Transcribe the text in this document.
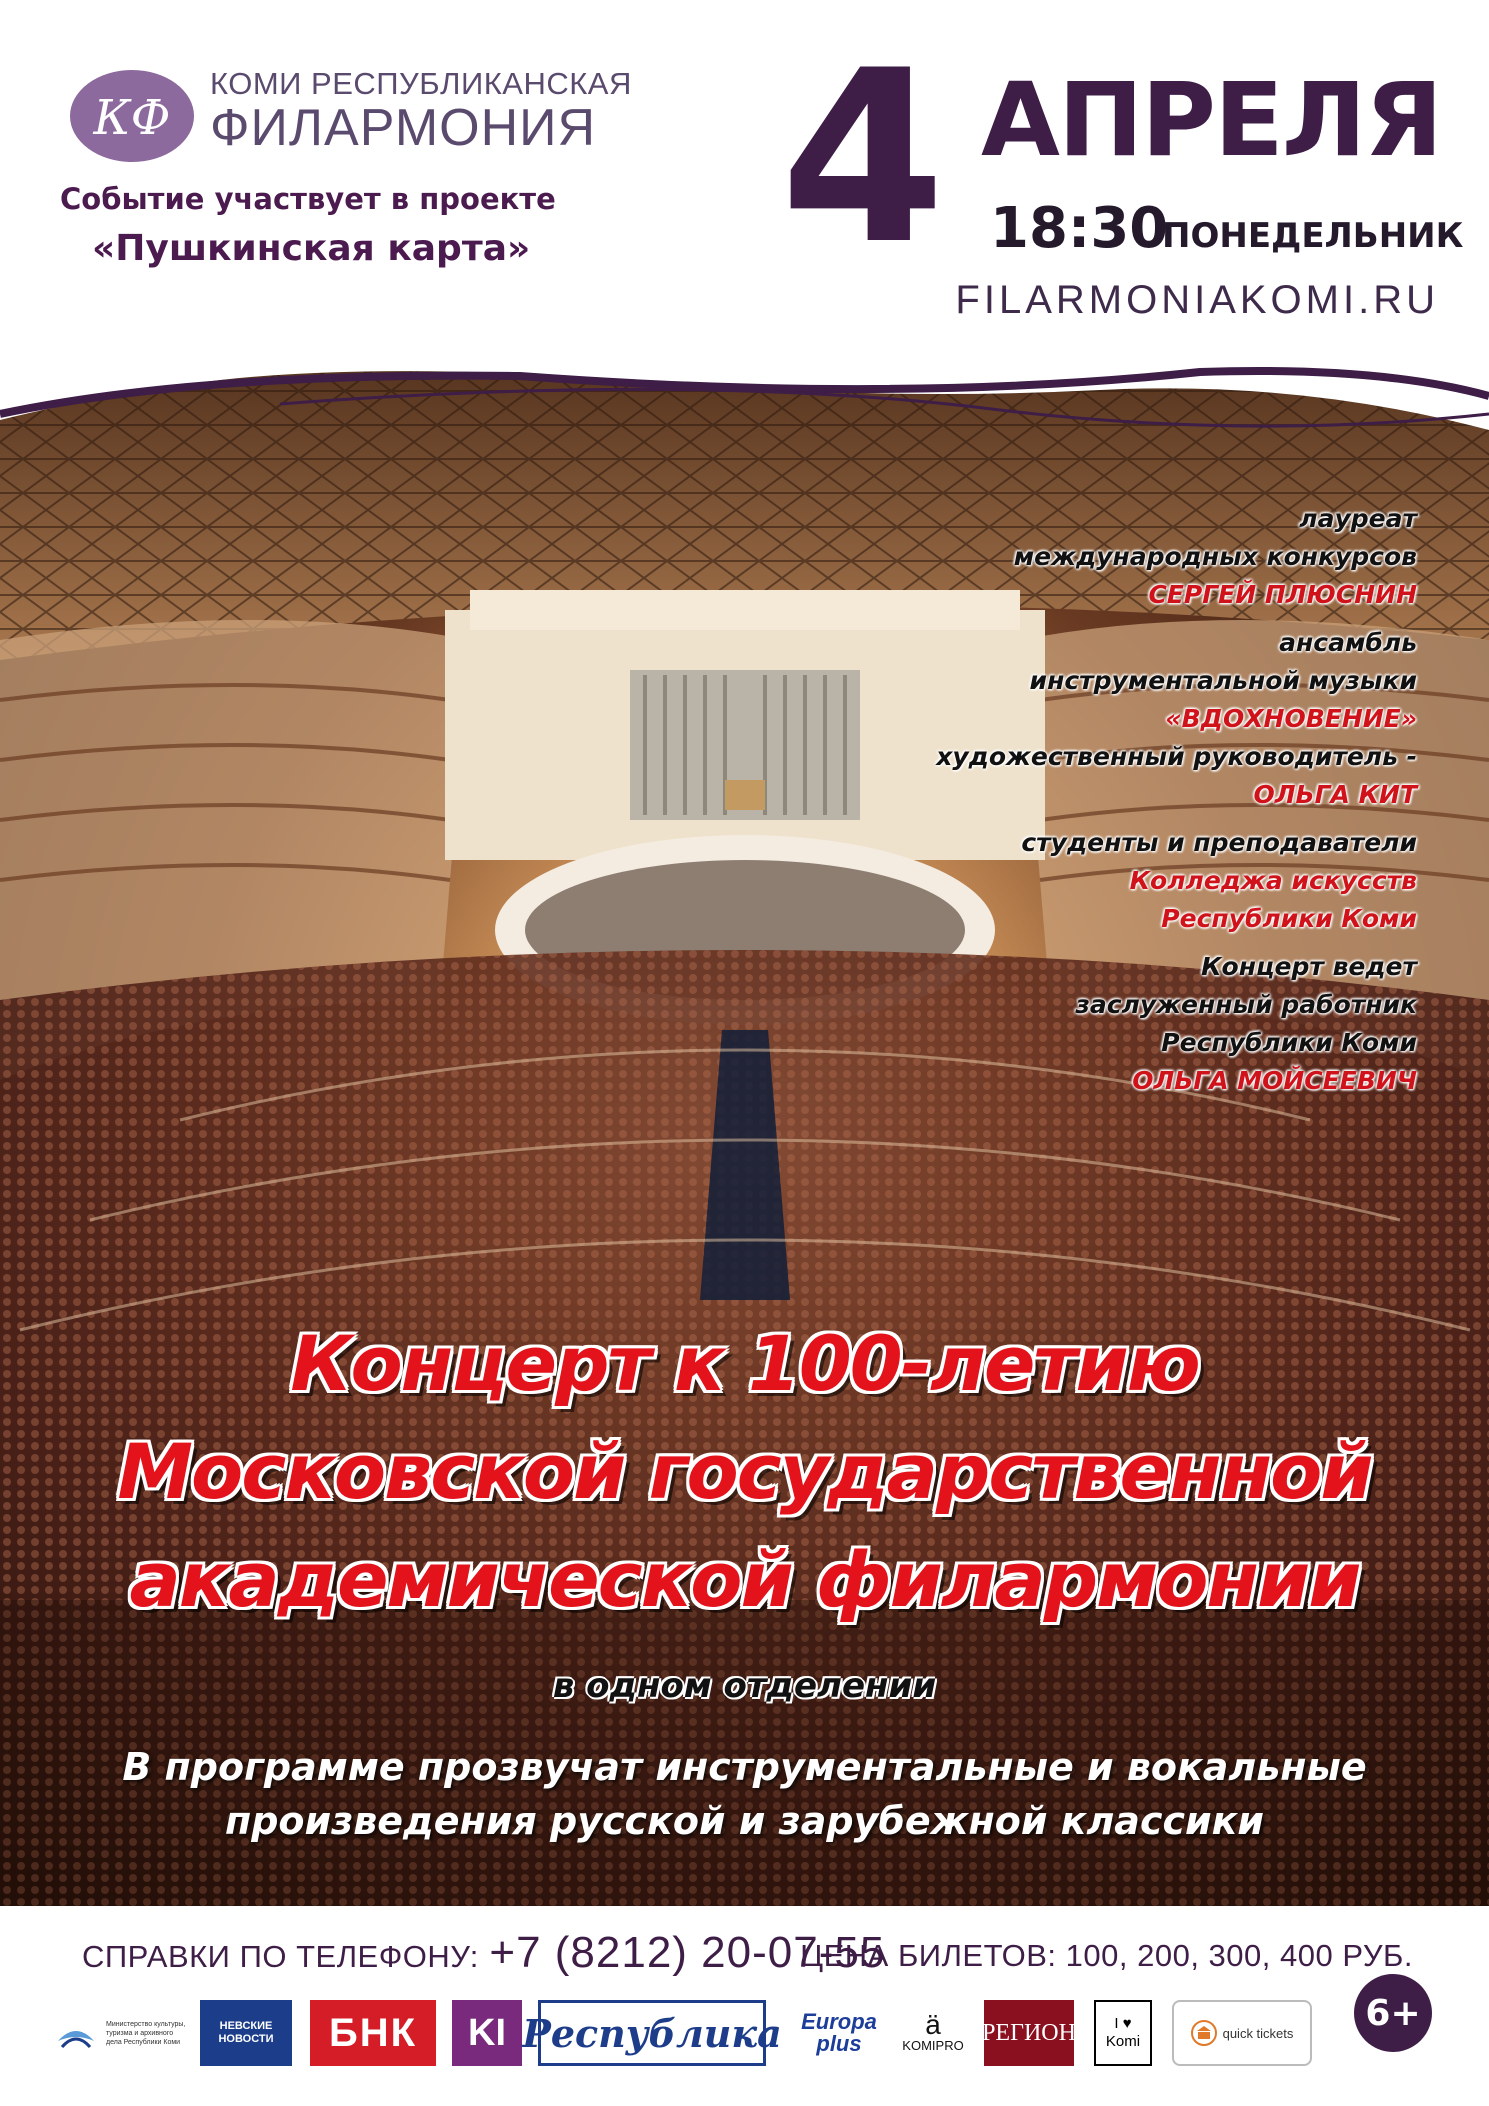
КФ
КОМИ РЕСПУБЛИКАНСКАЯ
ФИЛАРМОНИЯ
Событие участвует в проекте
«Пушкинская карта» 4 АПРЕЛЯ
18:30
ПОНЕДЕЛЬНИК
FILARMONIAKOMI.RU
лауреат
международных конкурсов
СЕРГЕЙ ПЛЮСНИН
ансамбль
инструментальной музыки
«ВДОХНОВЕНИЕ»
художественный руководитель -
ОЛЬГА КИТ
студенты и преподаватели
Колледжа искусств
Республики Коми
Концерт ведет
заслуженный работник
Республики Коми
ОЛЬГА МОЙСЕЕВИЧ
Концерт к 100-летию
Московской государственной
академической филармонии
в одном отделении
В программе прозвучат инструментальные и вокальные
произведения русской и зарубежной классики
СПРАВКИ ПО ТЕЛЕФОНУ: +7 (8212) 20-07-55
ЦЕНА БИЛЕТОВ: 100, 200, 300, 400 РУБ.
Министерство культуры, туризма и архивного дела Республики Коми
НЕВСКИЕ
НОВОСТИ	БНК	KI Республика Europa
plus
ä
KOMIPRO РЕГИОН	I ♥
Komi	quick tickets	6+
